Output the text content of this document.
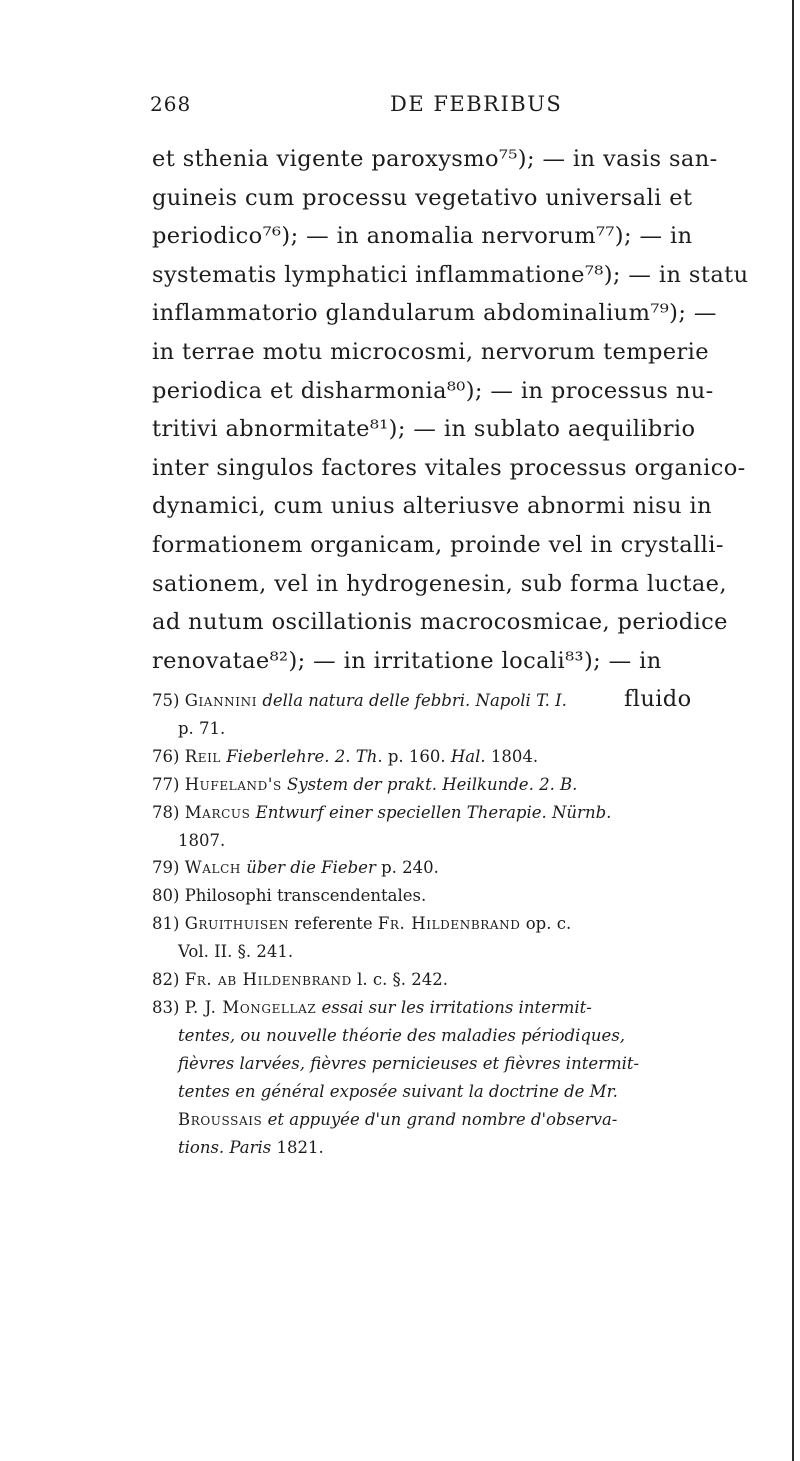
268	DE FEBRIBUS
et sthenia vigente paroxysmo⁷⁵); — in vasis san-
guineis cum processu vegetativo universali et
periodico⁷⁶); — in anomalia nervorum⁷⁷); — in
systematis lymphatici inflammatione⁷⁸); — in statu
inflammatorio glandularum abdominalium⁷⁹); —
in terrae motu microcosmi, nervorum temperie
periodica et disharmonia⁸⁰); — in processus nu-
tritivi abnormitate⁸¹); — in sublato aequilibrio
inter singulos factores vitales processus organico-
dynamici, cum unius alteriusve abnormi nisu in
formationem organicam, proinde vel in crystalli-
sationem, vel in hydrogenesin, sub forma luctae,
ad nutum oscillationis macrocosmicae, periodice
renovatae⁸²); — in irritatione locali⁸³); — in
fluido
75) Giannini della natura delle febbri. Napoli T. I.
p. 71.
76) Reil Fieberlehre. 2. Th. p. 160. Hal. 1804.
77) Hufeland's System der prakt. Heilkunde. 2. B.
78) Marcus Entwurf einer speciellen Therapie. Nürnb.
1807.
79) Walch über die Fieber p. 240.
80) Philosophi transcendentales.
81) Gruithuisen referente Fr. Hildenbrand op. c.
Vol. II. §. 241.
82) Fr. ab Hildenbrand l. c. §. 242.
83) P. J. Mongellaz essai sur les irritations intermit-
tentes, ou nouvelle théorie des maladies périodiques,
fièvres larvées, fièvres pernicieuses et fièvres intermit-
tentes en général exposée suivant la doctrine de Mr.
Broussais et appuyée d'un grand nombre d'observa-
tions. Paris 1821.
